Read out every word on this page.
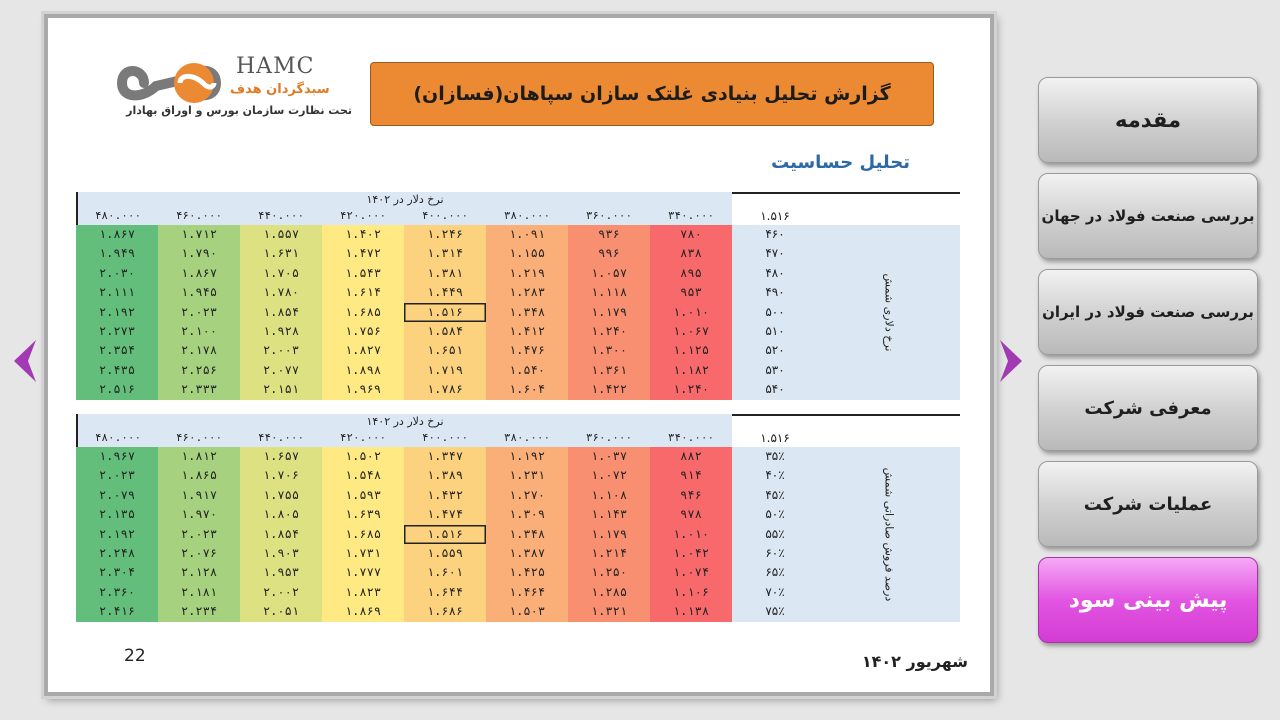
HAMC
سبدگردان هدف
تحت نظارت سازمان بورس و اوراق بهادار
گزارش تحلیل بنیادی غلتک سازان سپاهان(فسازان)
تحلیل حساسیت
نرخ دلار در ۱۴۰۲
۴۸۰.۰۰۰	۴۶۰.۰۰۰	۴۴۰.۰۰۰	۴۲۰.۰۰۰	۴۰۰.۰۰۰	۳۸۰.۰۰۰	۳۶۰.۰۰۰	۳۴۰.۰۰۰	۱.۵۱۶
۱.۸۶۷	۱.۷۱۲	۱.۵۵۷	۱.۴۰۲	۱.۲۴۶	۱.۰۹۱	۹۳۶	۷۸۰	۴۶۰
۱.۹۴۹	۱.۷۹۰	۱.۶۳۱	۱.۴۷۲	۱.۳۱۴	۱.۱۵۵	۹۹۶	۸۳۸	۴۷۰
۲.۰۳۰	۱.۸۶۷	۱.۷۰۵	۱.۵۴۳	۱.۳۸۱	۱.۲۱۹	۱.۰۵۷	۸۹۵	۴۸۰
۲.۱۱۱	۱.۹۴۵	۱.۷۸۰	۱.۶۱۴	۱.۴۴۹	۱.۲۸۳	۱.۱۱۸	۹۵۳	۴۹۰
۲.۱۹۲	۲.۰۲۳	۱.۸۵۴	۱.۶۸۵	۱.۵۱۶	۱.۳۴۸	۱.۱۷۹	۱.۰۱۰	۵۰۰
۲.۲۷۳	۲.۱۰۰	۱.۹۲۸	۱.۷۵۶	۱.۵۸۴	۱.۴۱۲	۱.۲۴۰	۱.۰۶۷	۵۱۰
۲.۳۵۴	۲.۱۷۸	۲.۰۰۳	۱.۸۲۷	۱.۶۵۱	۱.۴۷۶	۱.۳۰۰	۱.۱۲۵	۵۲۰
۲.۴۳۵	۲.۲۵۶	۲.۰۷۷	۱.۸۹۸	۱.۷۱۹	۱.۵۴۰	۱.۳۶۱	۱.۱۸۲	۵۳۰
۲.۵۱۶	۲.۳۳۳	۲.۱۵۱	۱.۹۶۹	۱.۷۸۶	۱.۶۰۴	۱.۴۲۲	۱.۲۴۰	۵۴۰
نرخ دلاری شمش
نرخ دلار در ۱۴۰۲
۴۸۰.۰۰۰	۴۶۰.۰۰۰	۴۴۰.۰۰۰	۴۲۰.۰۰۰	۴۰۰.۰۰۰	۳۸۰.۰۰۰	۳۶۰.۰۰۰	۳۴۰.۰۰۰	۱.۵۱۶
۱.۹۶۷	۱.۸۱۲	۱.۶۵۷	۱.۵۰۲	۱.۳۴۷	۱.۱۹۲	۱.۰۳۷	۸۸۲	۳۵٪
۲.۰۲۳	۱.۸۶۵	۱.۷۰۶	۱.۵۴۸	۱.۳۸۹	۱.۲۳۱	۱.۰۷۲	۹۱۴	۴۰٪
۲.۰۷۹	۱.۹۱۷	۱.۷۵۵	۱.۵۹۳	۱.۴۳۲	۱.۲۷۰	۱.۱۰۸	۹۴۶	۴۵٪
۲.۱۳۵	۱.۹۷۰	۱.۸۰۵	۱.۶۳۹	۱.۴۷۴	۱.۳۰۹	۱.۱۴۳	۹۷۸	۵۰٪
۲.۱۹۲	۲.۰۲۳	۱.۸۵۴	۱.۶۸۵	۱.۵۱۶	۱.۳۴۸	۱.۱۷۹	۱.۰۱۰	۵۵٪
۲.۲۴۸	۲.۰۷۶	۱.۹۰۳	۱.۷۳۱	۱.۵۵۹	۱.۳۸۷	۱.۲۱۴	۱.۰۴۲	۶۰٪
۲.۳۰۴	۲.۱۲۸	۱.۹۵۳	۱.۷۷۷	۱.۶۰۱	۱.۴۲۵	۱.۲۵۰	۱.۰۷۴	۶۵٪
۲.۳۶۰	۲.۱۸۱	۲.۰۰۲	۱.۸۲۳	۱.۶۴۴	۱.۴۶۴	۱.۲۸۵	۱.۱۰۶	۷۰٪
۲.۴۱۶	۲.۲۳۴	۲.۰۵۱	۱.۸۶۹	۱.۶۸۶	۱.۵۰۳	۱.۳۲۱	۱.۱۳۸	۷۵٪
درصد فروش صادراتی شمش
22	شهریور ۱۴۰۲
مقدمه
بررسی صنعت فولاد در جهان
بررسی صنعت فولاد در ایران
معرفی شرکت
عملیات شرکت
پیش بینی سود
